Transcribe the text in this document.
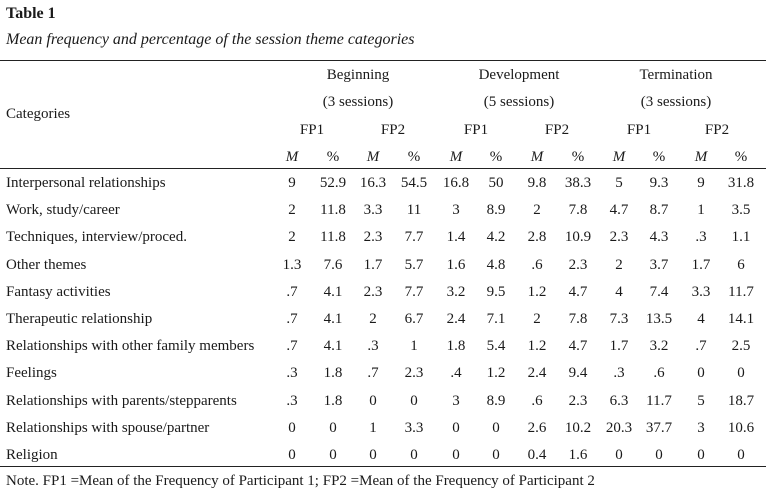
Table 1
Mean frequency and percentage of the session theme categories
Categories
Beginning
(3 sessions)
Development
(5 sessions)
Termination
(3 sessions)
FP1	FP2	FP1	FP2	FP1	FP2
M % M % M % M % M % M %
Interpersonal relationships	9 52.9 16.3 54.5 16.8 50 9.8 38.3 5 9.3 9 31.8
Work, study/career	2 11.8 3.3 11 3 8.9 2 7.8 4.7 8.7 1 3.5
Techniques, interview/proced.	2 11.8 2.3 7.7 1.4 4.2 2.8 10.9 2.3 4.3 .3 1.1
Other themes	1.3 7.6 1.7 5.7 1.6 4.8 .6 2.3 2 3.7 1.7 6
Fantasy activities	.7 4.1 2.3 7.7 3.2 9.5 1.2 4.7 4 7.4 3.3 11.7
Therapeutic relationship	.7 4.1 2 6.7 2.4 7.1 2 7.8 7.3 13.5 4 14.1
Relationships with other family members .7 4.1 .3 1 1.8 5.4 1.2 4.7 1.7 3.2 .7 2.5
Feelings	.3 1.8 .7 2.3 .4 1.2 2.4 9.4 .3 .6 0 0
Relationships with parents/stepparents	.3 1.8 0 0 3 8.9 .6 2.3 6.3 11.7 5 18.7
Relationships with spouse/partner	0 0 1 3.3 0 0 2.6 10.2 20.3 37.7 3 10.6
Religion	0 0 0 0 0 0 0.4 1.6 0 0 0 0
Note. FP1 =Mean of the Frequency of Participant 1; FP2 =Mean of the Frequency of Participant 2
